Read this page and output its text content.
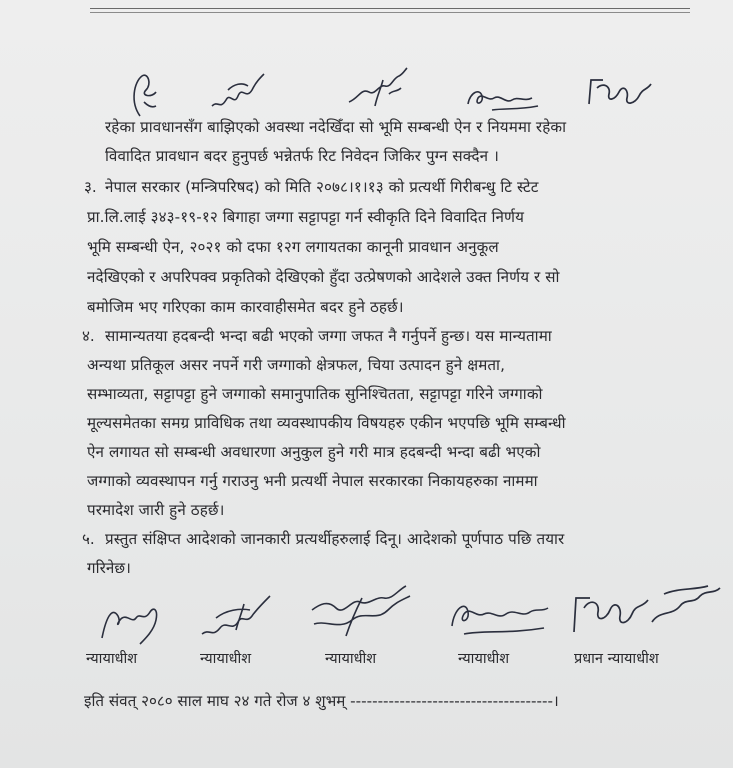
रहेका प्रावधानसँग बाझिएको अवस्था नदेखिँदा सो भूमि सम्बन्धी ऐन र नियममा रहेका
विवादित प्रावधान बदर हुनुपर्छ भन्नेतर्फ रिट निवेदन जिकिर पुग्न सक्दैन ।
३. नेपाल सरकार (मन्त्रिपरिषद) को मिति २०७८।१।१३ को प्रत्यर्थी गिरीबन्धु टि स्टेट
प्रा.लि.लाई ३४३-१९-१२ बिगाहा जग्गा सट्टापट्टा गर्न स्वीकृति दिने विवादित निर्णय
भूमि सम्बन्धी ऐन, २०२१ को दफा १२ग लगायतका कानूनी प्रावधान अनुकूल
नदेखिएको र अपरिपक्व प्रकृतिको देखिएको हुँदा उत्प्रेषणको आदेशले उक्त निर्णय र सो
बमोजिम भए गरिएका काम कारवाहीसमेत बदर हुने ठहर्छ।
४. सामान्यतया हदबन्दी भन्दा बढी भएको जग्गा जफत नै गर्नुपर्ने हुन्छ। यस मान्यतामा
अन्यथा प्रतिकूल असर नपर्ने गरी जग्गाको क्षेत्रफल, चिया उत्पादन हुने क्षमता,
सम्भाव्यता, सट्टापट्टा हुने जग्गाको समानुपातिक सुनिश्चितता, सट्टापट्टा गरिने जग्गाको
मूल्यसमेतका समग्र प्राविधिक तथा व्यवस्थापकीय विषयहरु एकीन भएपछि भूमि सम्बन्धी
ऐन लगायत सो सम्बन्धी अवधारणा अनुकुल हुने गरी मात्र हदबन्दी भन्दा बढी भएको
जग्गाको व्यवस्थापन गर्नु गराउनु भनी प्रत्यर्थी नेपाल सरकारका निकायहरुका नाममा
परमादेश जारी हुने ठहर्छ।
५. प्रस्तुत संक्षिप्त आदेशको जानकारी प्रत्यर्थीहरुलाई दिनू। आदेशको पूर्णपाठ पछि तयार
गरिनेछ।
न्यायाधीश	न्यायाधीश	न्यायाधीश	न्यायाधीश	प्रधान न्यायाधीश
इति संवत् २०८० साल माघ २४ गते रोज ४ शुभम् -------------------------------------।
